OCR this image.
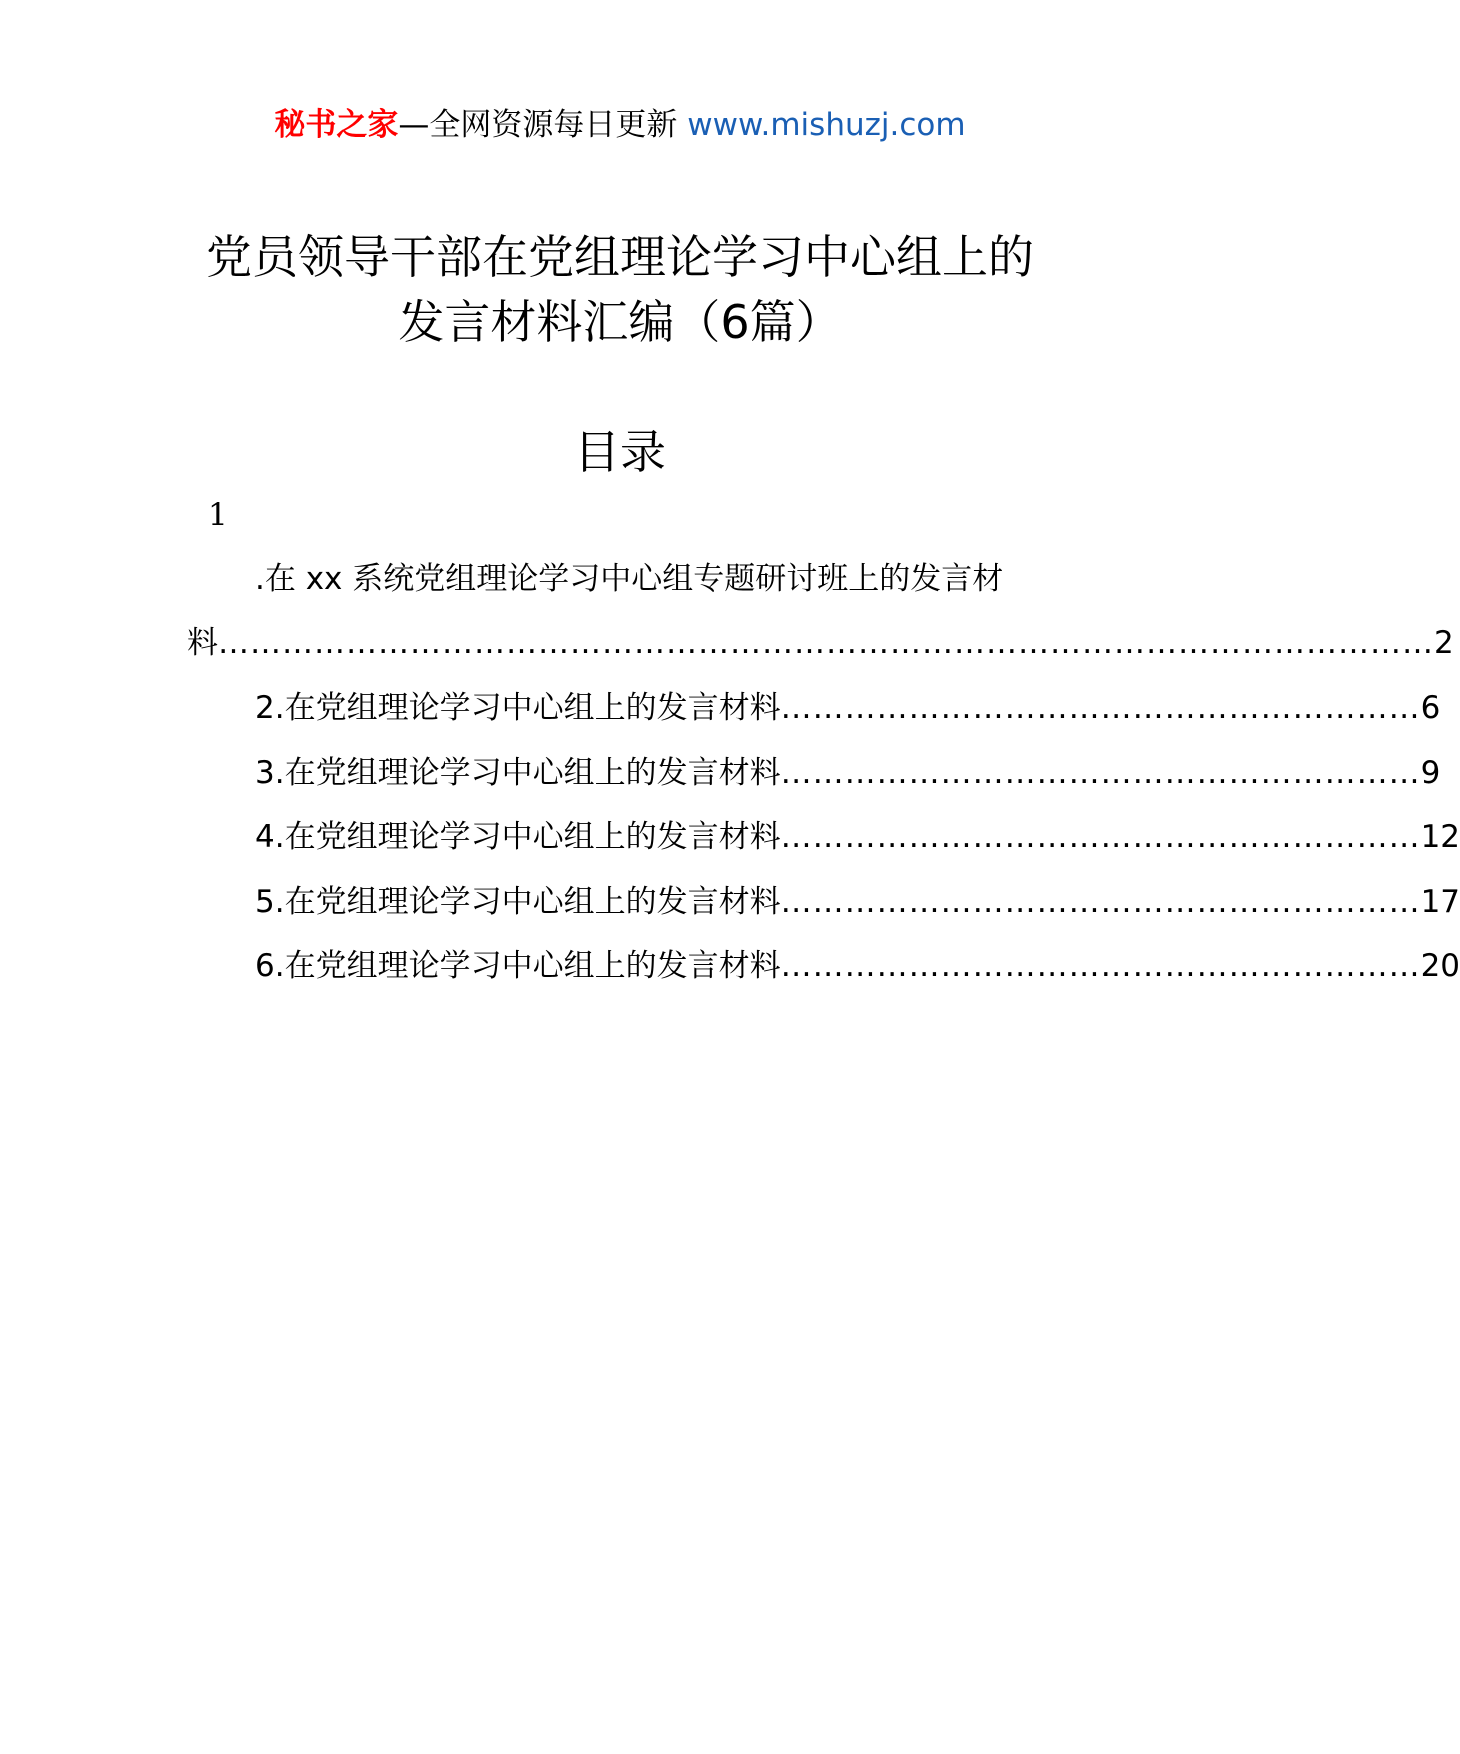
秘书之家—全网资源每日更新 www.mishuzj.com
党员领导干部在党组理论学习中心组上的
发言材料汇编（6篇）
目录
1
.在 xx 系统党组理论学习中心组专题研讨班上的发言材
料 …………………………………………………………………………………………………… 2
2.在党组理论学习中心组上的发言材料 …………………………………………………… 6
3.在党组理论学习中心组上的发言材料 …………………………………………………… 9
4.在党组理论学习中心组上的发言材料 …………………………………………………… 12
5.在党组理论学习中心组上的发言材料 …………………………………………………… 17
6.在党组理论学习中心组上的发言材料 …………………………………………………… 20
